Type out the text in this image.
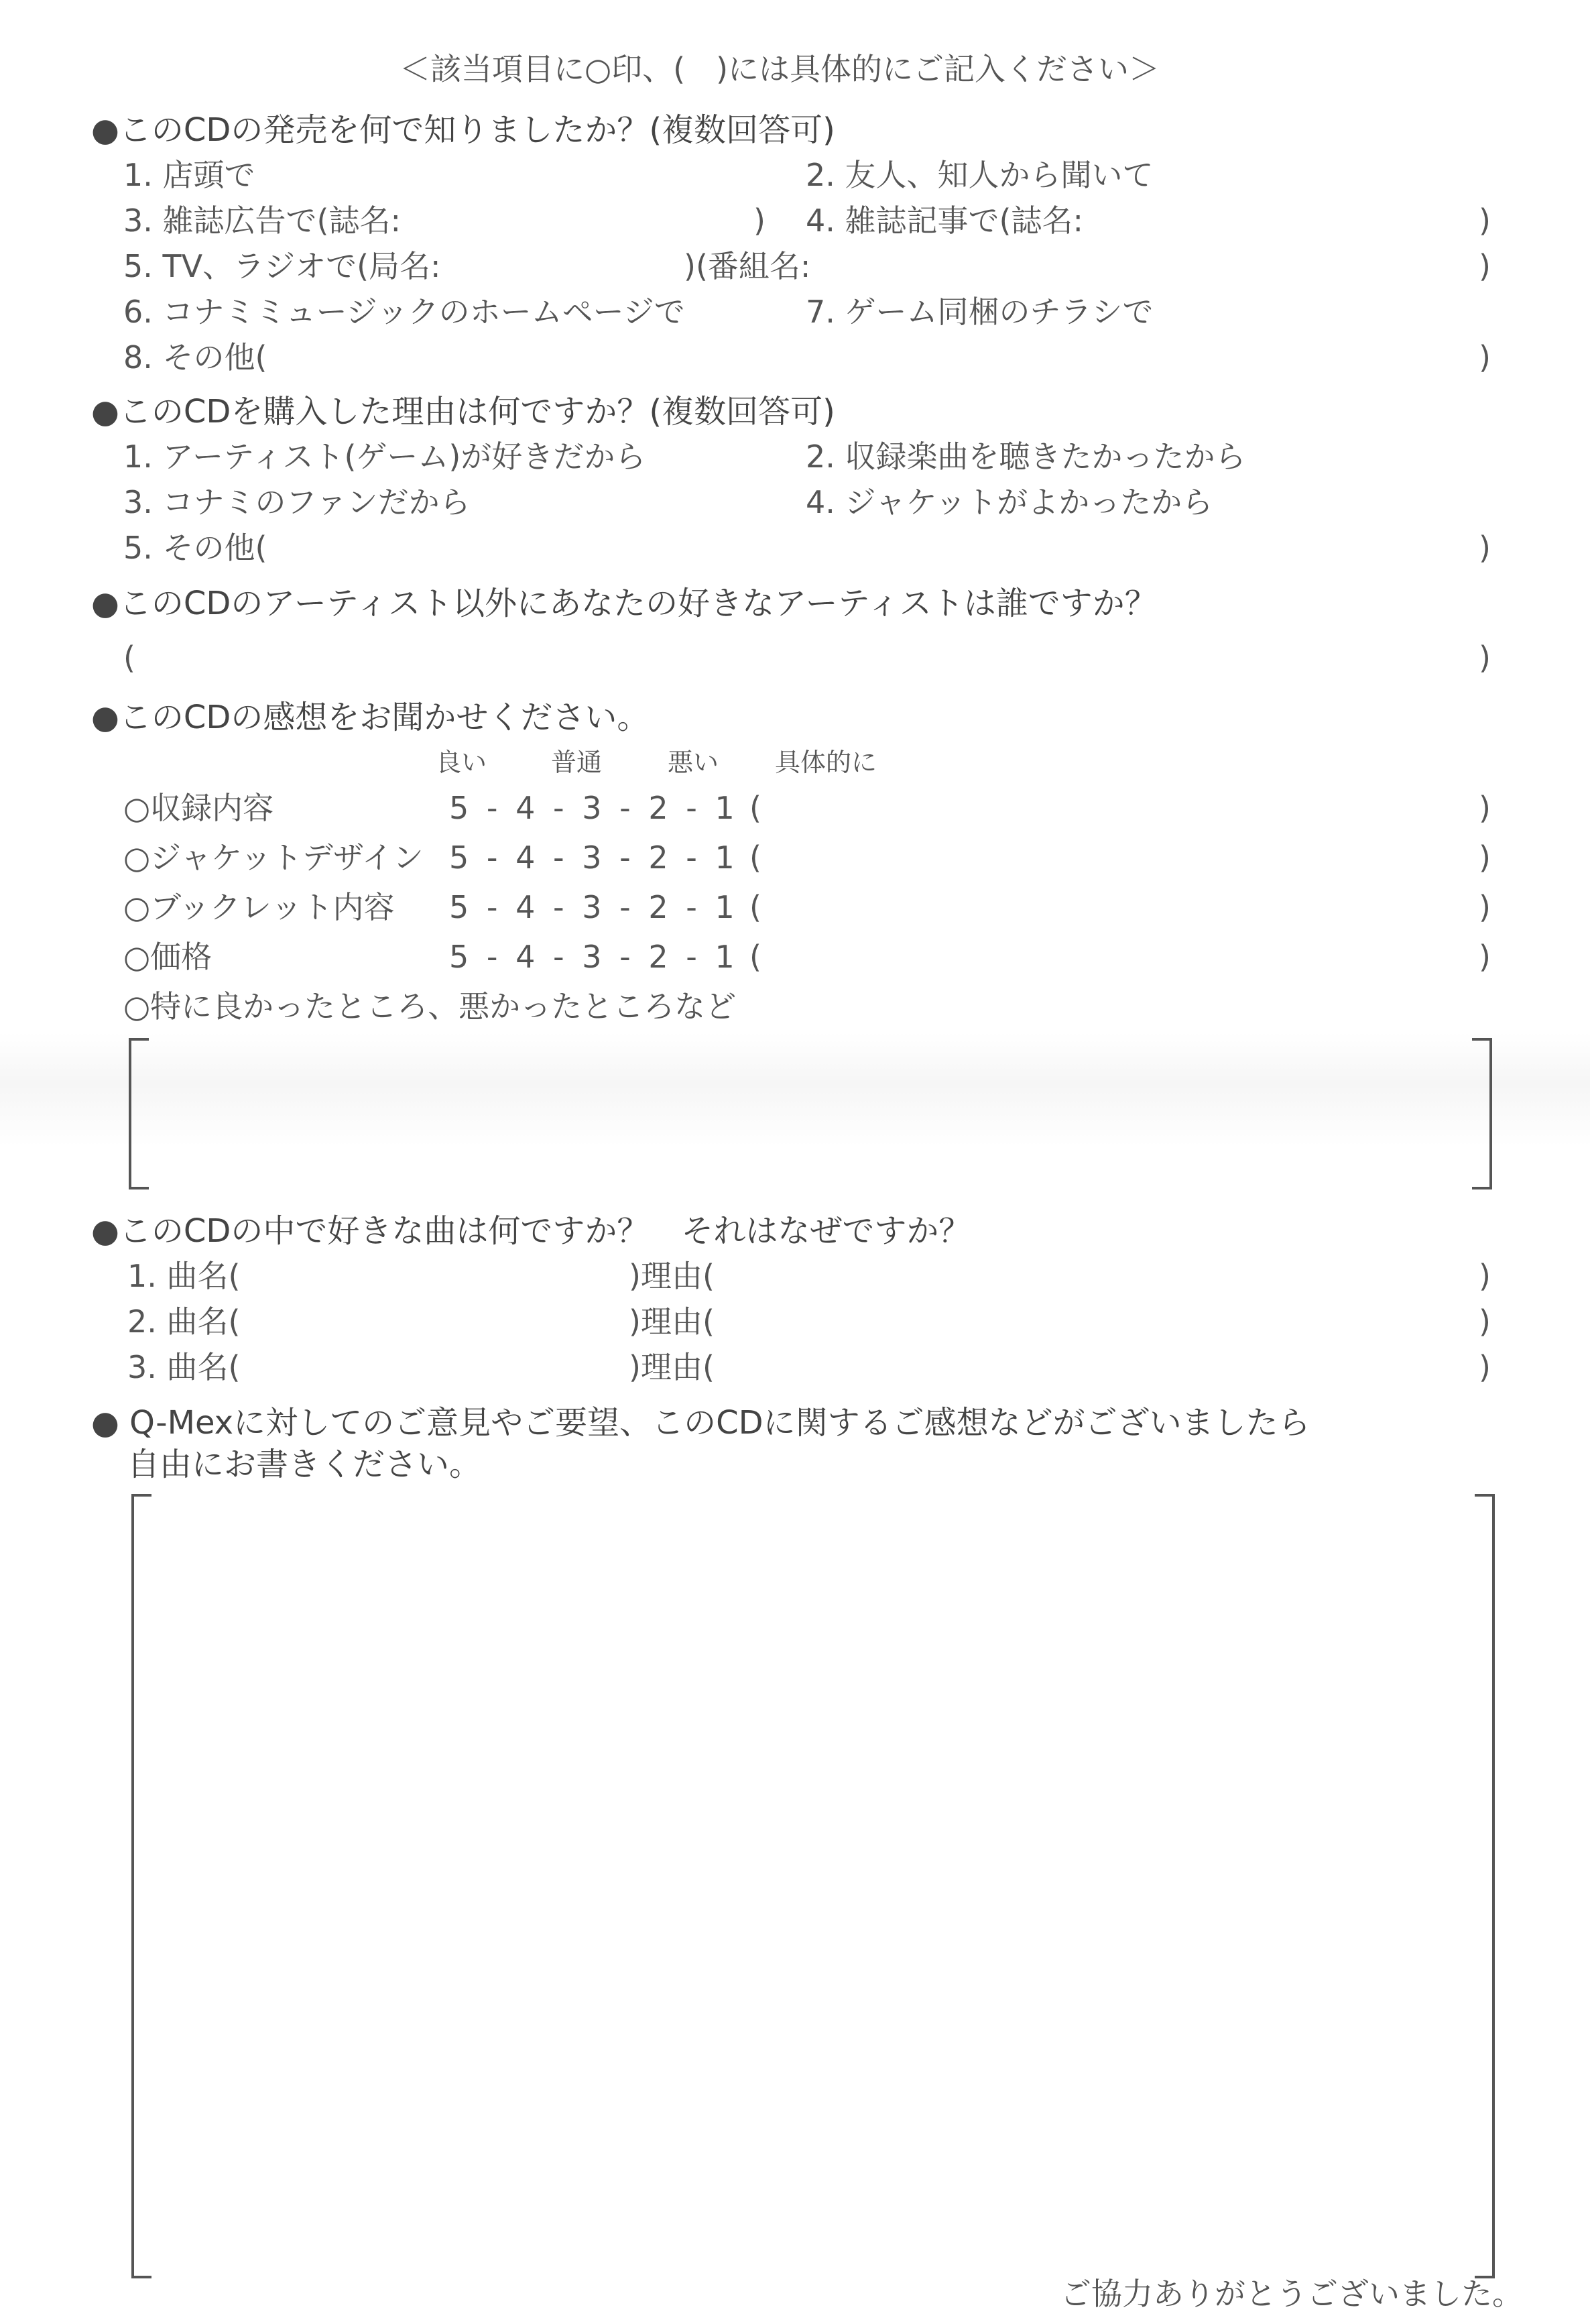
＜該当項目に○印、(　)には具体的にご記入ください＞
●このCDの発売を何で知りましたか？(複数回答可)
1. 店頭で	2. 友人、知人から聞いて
3. 雑誌広告で(誌名:	) 4. 雑誌記事で(誌名:	)
5. TV、ラジオで(局名:	)(番組名:	)
6. コナミミュージックのホームページで	7. ゲーム同梱のチラシで
8. その他(	)
●このCDを購入した理由は何ですか？(複数回答可)
1. アーティスト(ゲーム)が好きだから	2. 収録楽曲を聴きたかったから
3. コナミのファンだから	4. ジャケットがよかったから
5. その他(	)
●このCDのアーティスト以外にあなたの好きなアーティストは誰ですか？
(	)
●このCDの感想をお聞かせください。
良い	普通	悪い 具体的に
○収録内容	5 - 4 - 3 - 2 - 1 (	)
○ジャケットデザイン 5 - 4 - 3 - 2 - 1 (	)
○ブックレット内容 5 - 4 - 3 - 2 - 1 (	)
○価格	5 - 4 - 3 - 2 - 1 (	)
○特に良かったところ、悪かったところなど
●このCDの中で好きな曲は何ですか？　それはなぜですか？
1. 曲名(	)理由(	)
2. 曲名(	)理由(	)
3. 曲名(	)理由(	)
● Q-Mexに対してのご意見やご要望、このCDに関するご感想などがございましたら
自由にお書きください。
ご協力ありがとうございました。
